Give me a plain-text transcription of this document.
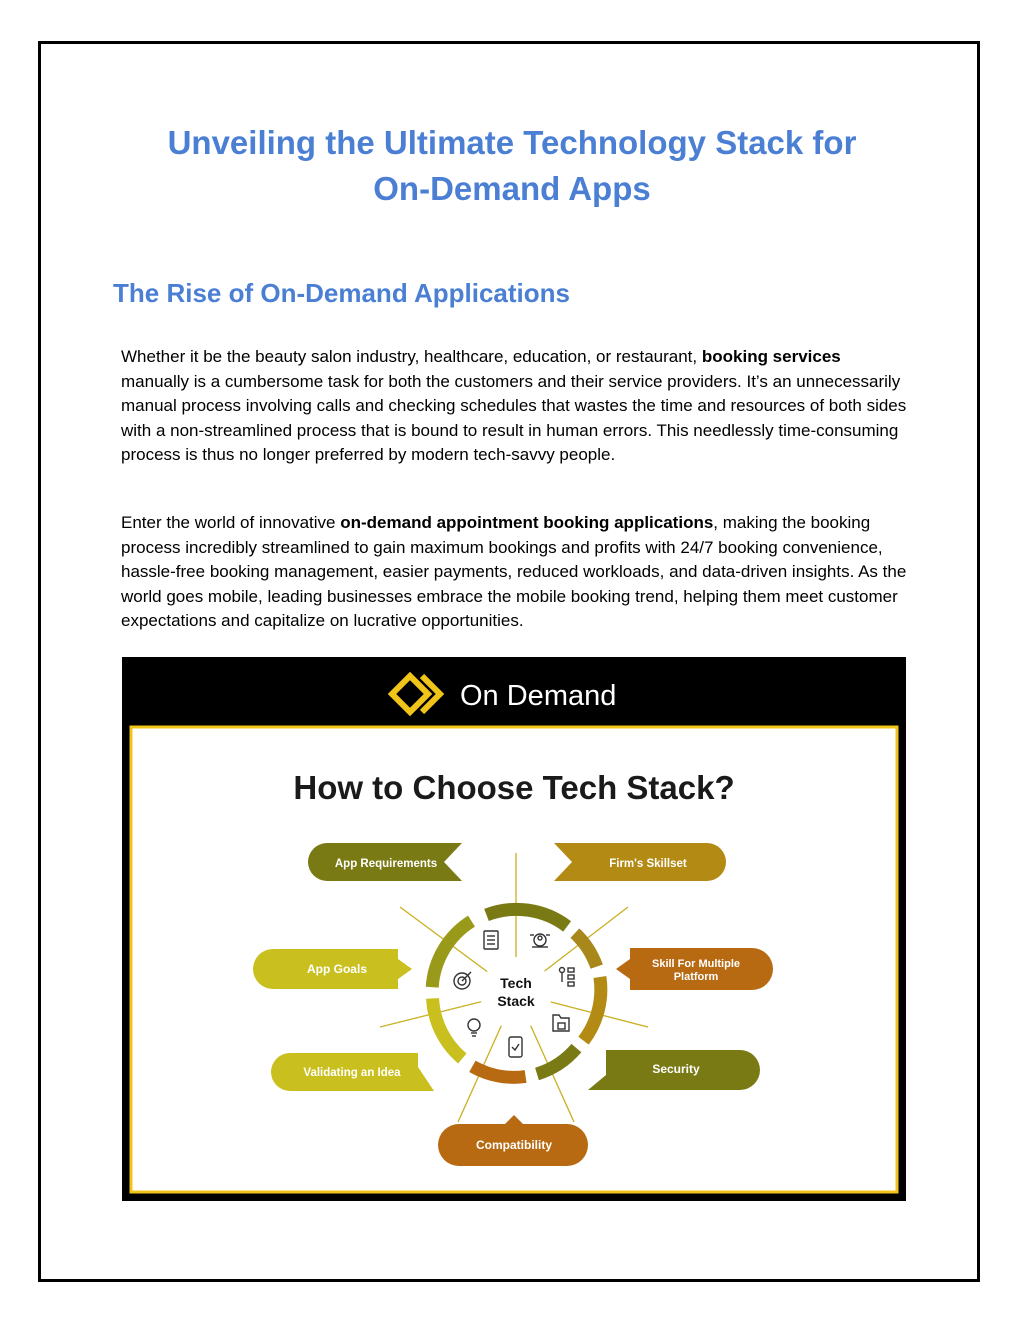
Unveiling the Ultimate Technology Stack for
On-Demand Apps
The Rise of On-Demand Applications

Whether it be the beauty salon industry, healthcare, education, or restaurant, booking services manually is a cumbersome task for both the customers and their service providers. It’s an unnecessarily manual process involving calls and checking schedules that wastes the time and resources of both sides with a non-streamlined process that is bound to result in human errors. This needlessly time-consuming process is thus no longer preferred by modern tech-savvy people.

Enter the world of innovative on-demand appointment booking applications, making the booking process incredibly streamlined to gain maximum bookings and profits with 24/7 booking convenience, hassle-free booking management, easier payments, reduced workloads, and data-driven insights. As the world goes mobile, leading businesses embrace the mobile booking trend, helping them meet customer expectations and capitalize on lucrative opportunities.

On Demand
How to Choose Tech Stack?
Tech
Stack
App Requirements	Firm's Skillset
App Goals	Skill For Multiple
Platform
Validating an Idea	Security
Compatibility
